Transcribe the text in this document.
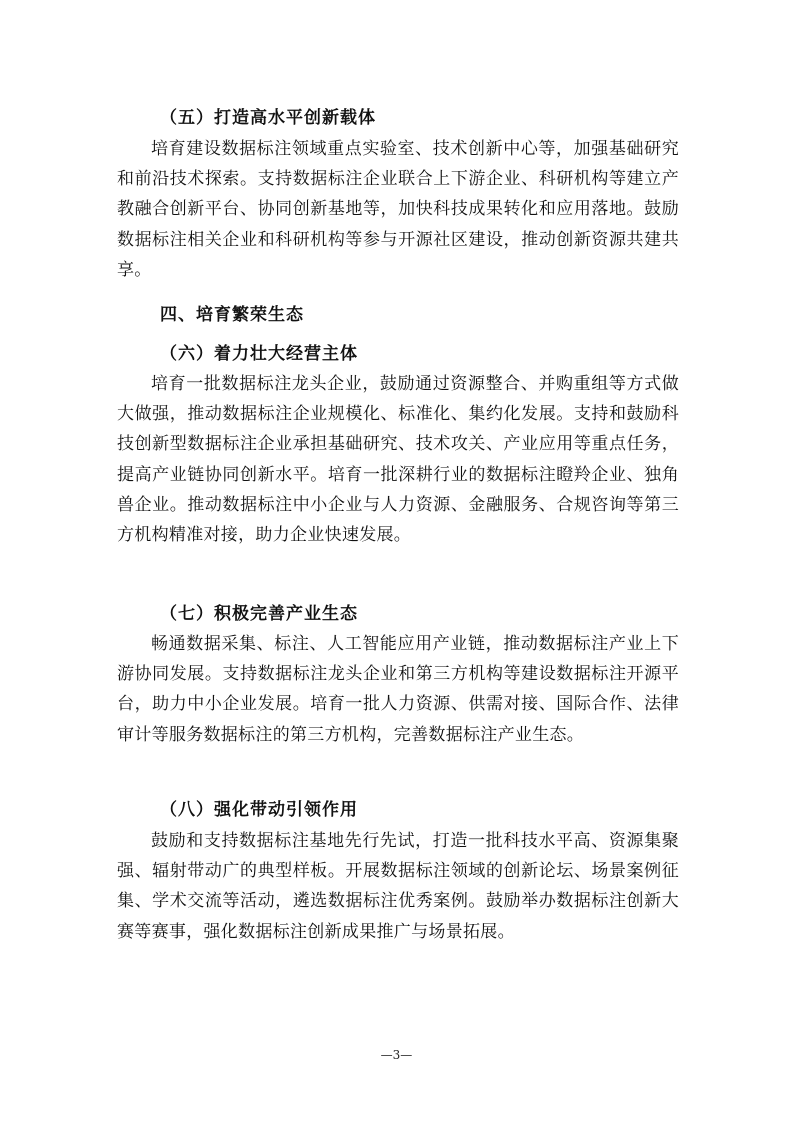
（五）打造高水平创新载体

培育建设数据标注领域重点实验室、技术创新中心等，加强基础研究和前沿技术探索。支持数据标注企业联合上下游企业、科研机构等建立产教融合创新平台、协同创新基地等，加快科技成果转化和应用落地。鼓励数据标注相关企业和科研机构等参与开源社区建设，推动创新资源共建共享。

四、培育繁荣生态
（六）着力壮大经营主体

培育一批数据标注龙头企业，鼓励通过资源整合、并购重组等方式做大做强，推动数据标注企业规模化、标准化、集约化发展。支持和鼓励科技创新型数据标注企业承担基础研究、技术攻关、产业应用等重点任务，提高产业链协同创新水平。培育一批深耕行业的数据标注瞪羚企业、独角兽企业。推动数据标注中小企业与人力资源、金融服务、合规咨询等第三方机构精准对接，助力企业快速发展。

（七）积极完善产业生态

畅通数据采集、标注、人工智能应用产业链，推动数据标注产业上下游协同发展。支持数据标注龙头企业和第三方机构等建设数据标注开源平台，助力中小企业发展。培育一批人力资源、供需对接、国际合作、法律审计等服务数据标注的第三方机构，完善数据标注产业生态。

（八）强化带动引领作用

鼓励和支持数据标注基地先行先试，打造一批科技水平高、资源集聚强、辐射带动广的典型样板。开展数据标注领域的创新论坛、场景案例征集、学术交流等活动，遴选数据标注优秀案例。鼓励举办数据标注创新大赛等赛事，强化数据标注创新成果推广与场景拓展。

—3—
